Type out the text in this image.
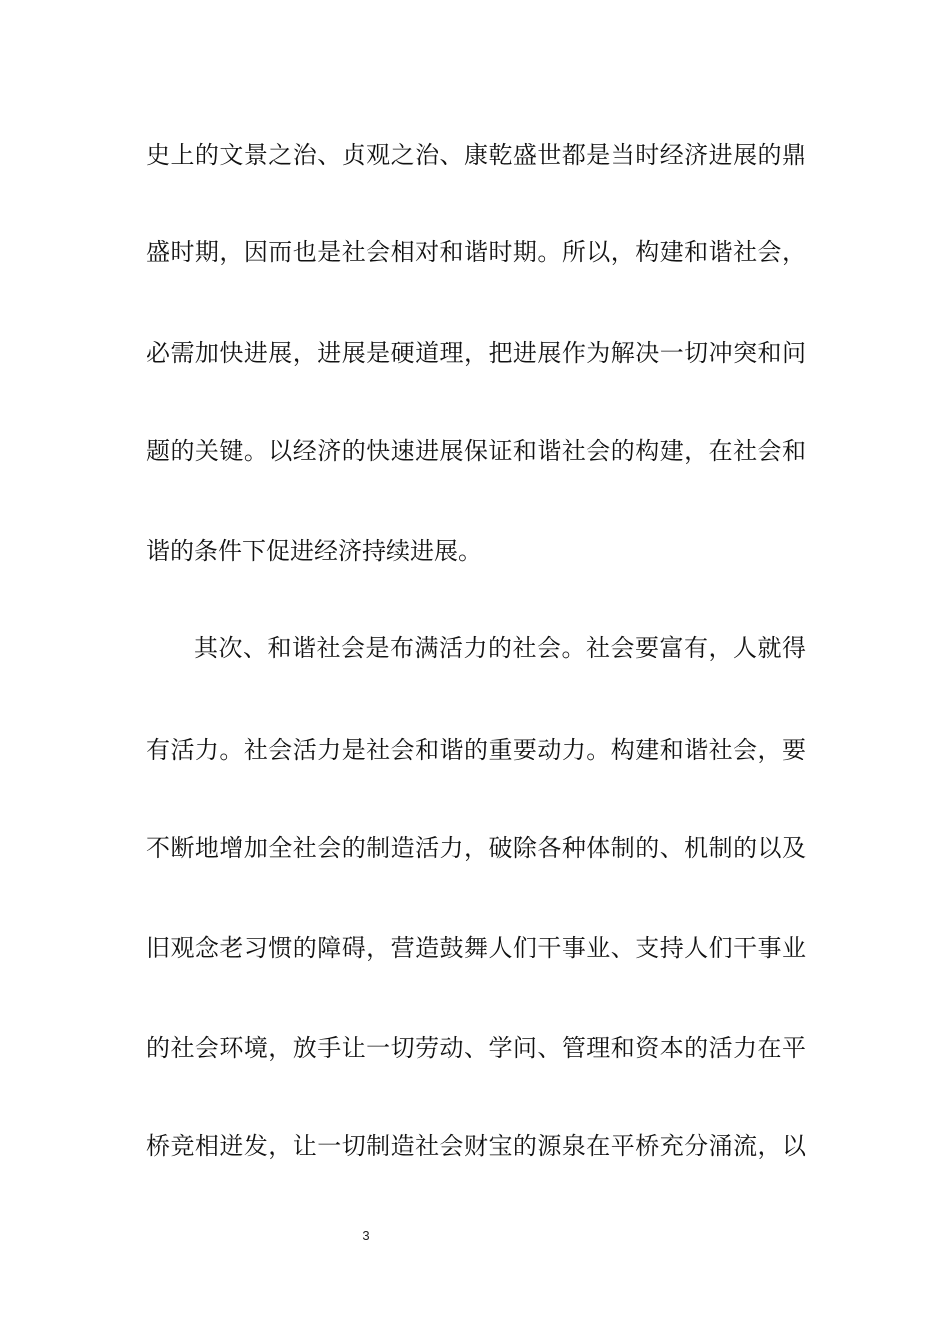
史上的文景之治、贞观之治、康乾盛世都是当时经济进展的鼎
盛时期，因而也是社会相对和谐时期。所以，构建和谐社会，
必需加快进展，进展是硬道理，把进展作为解决一切冲突和问
题的关键。以经济的快速进展保证和谐社会的构建，在社会和
谐的条件下促进经济持续进展。
其次、和谐社会是布满活力的社会。社会要富有，人就得
有活力。社会活力是社会和谐的重要动力。构建和谐社会，要
不断地增加全社会的制造活力，破除各种体制的、机制的以及
旧观念老习惯的障碍，营造鼓舞人们干事业、支持人们干事业
的社会环境，放手让一切劳动、学问、管理和资本的活力在平
桥竞相迸发，让一切制造社会财宝的源泉在平桥充分涌流，以
3
